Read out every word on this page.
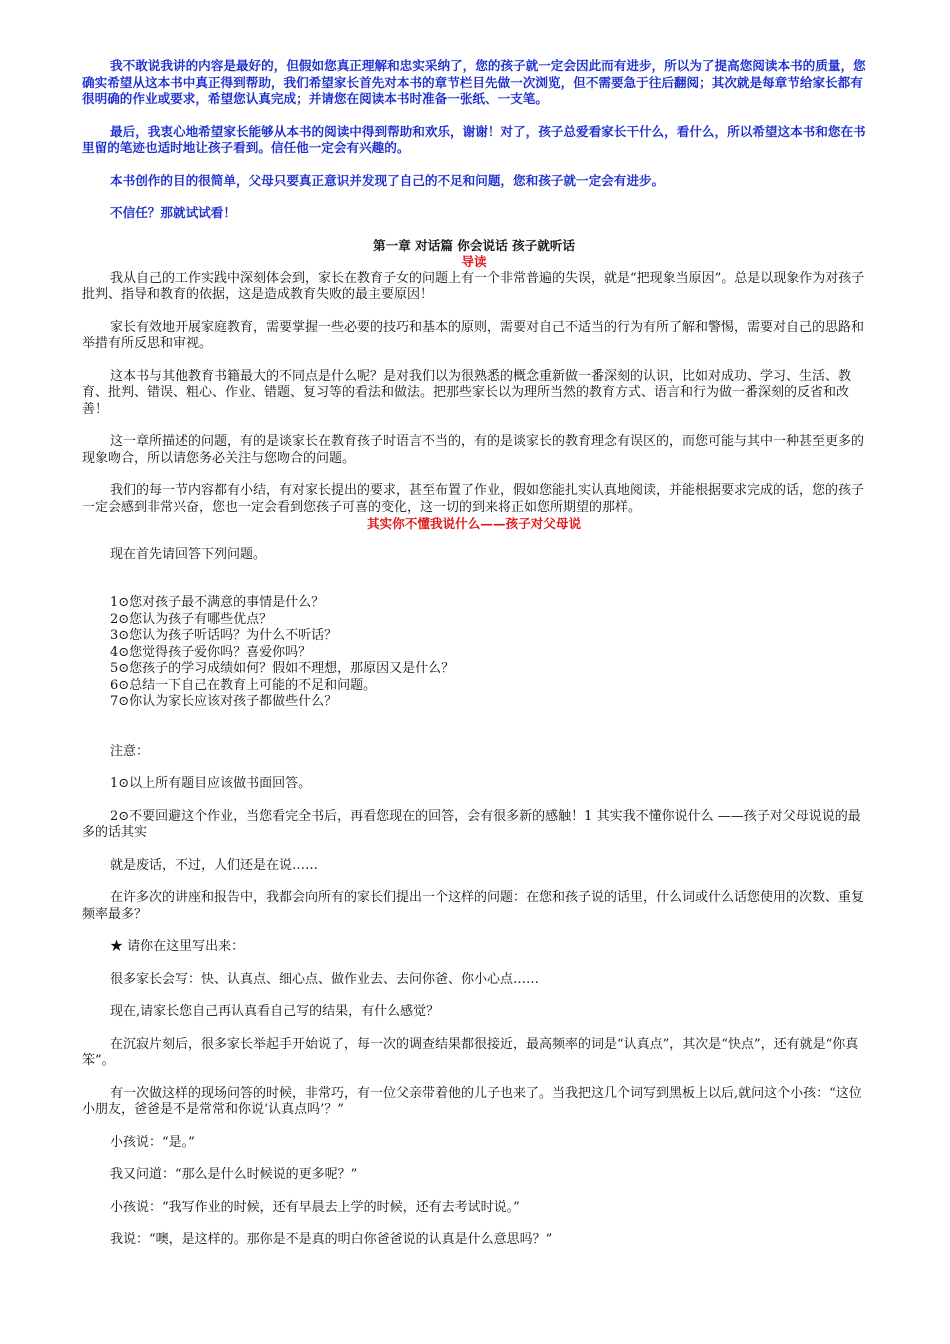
我不敢说我讲的内容是最好的，但假如您真正理解和忠实采纳了，您的孩子就一定会因此而有进步，所以为了提高您阅读本书的质量，您确实希望从这本书中真正得到帮助，我们希望家长首先对本书的章节栏目先做一次浏览，但不需要急于往后翻阅；其次就是每章节给家长都有很明确的作业或要求，希望您认真完成；并请您在阅读本书时准备一张纸、一支笔。

最后，我衷心地希望家长能够从本书的阅读中得到帮助和欢乐，谢谢！对了，孩子总爱看家长干什么，看什么，所以希望这本书和您在书里留的笔迹也适时地让孩子看到。信任他一定会有兴趣的。

本书创作的目的很简单，父母只要真正意识并发现了自己的不足和问题，您和孩子就一定会有进步。

不信任？那就试试看！

第一章 对话篇 你会说话 孩子就听话

导读

我从自己的工作实践中深刻体会到，家长在教育子女的问题上有一个非常普遍的失误，就是“把现象当原因”。总是以现象作为对孩子批判、指导和教育的依据，这是造成教育失败的最主要原因！

家长有效地开展家庭教育，需要掌握一些必要的技巧和基本的原则，需要对自己不适当的行为有所了解和警惕，需要对自己的思路和举措有所反思和审视。

这本书与其他教育书籍最大的不同点是什么呢？是对我们以为很熟悉的概念重新做一番深刻的认识，比如对成功、学习、生活、教育、批判、错误、粗心、作业、错题、复习等的看法和做法。把那些家长以为理所当然的教育方式、语言和行为做一番深刻的反省和改善！

这一章所描述的问题，有的是谈家长在教育孩子时语言不当的，有的是谈家长的教育理念有误区的，而您可能与其中一种甚至更多的现象吻合，所以请您务必关注与您吻合的问题。

我们的每一节内容都有小结，有对家长提出的要求，甚至布置了作业，假如您能扎实认真地阅读，并能根据要求完成的话，您的孩子一定会感到非常兴奋，您也一定会看到您孩子可喜的变化，这一切的到来将正如您所期望的那样。

其实你不懂我说什么——孩子对父母说

现在首先请回答下列问题。

1⊙您对孩子最不满意的事情是什么？

2⊙您认为孩子有哪些优点？

3⊙您认为孩子听话吗？为什么不听话？

4⊙您觉得孩子爱你吗？喜爱你吗？

5⊙您孩子的学习成绩如何？假如不理想，那原因又是什么？

6⊙总结一下自己在教育上可能的不足和问题。

7⊙你认为家长应该对孩子都做些什么？

注意：

1⊙以上所有题目应该做书面回答。

2⊙不要回避这个作业，当您看完全书后，再看您现在的回答，会有很多新的感触！1 其实我不懂你说什么 ——孩子对父母说说的最多的话其实

就是废话，不过，人们还是在说……

在许多次的讲座和报告中，我都会向所有的家长们提出一个这样的问题：在您和孩子说的话里，什么词或什么话您使用的次数、重复频率最多？

★ 请你在这里写出来：

很多家长会写：快、认真点、细心点、做作业去、去问你爸、你小心点……

现在,请家长您自己再认真看自己写的结果，有什么感觉？

在沉寂片刻后，很多家长举起手开始说了，每一次的调查结果都很接近，最高频率的词是“认真点”，其次是“快点”，还有就是“你真笨”。

有一次做这样的现场问答的时候，非常巧，有一位父亲带着他的儿子也来了。当我把这几个词写到黑板上以后,就问这个小孩：“这位小朋友，爸爸是不是常常和你说‘认真点吗’？”

小孩说：“是。”

我又问道：“那么是什么时候说的更多呢？”

小孩说：“我写作业的时候，还有早晨去上学的时候，还有去考试时说。”

我说：“噢，是这样的。那你是不是真的明白你爸爸说的认真是什么意思吗？”
